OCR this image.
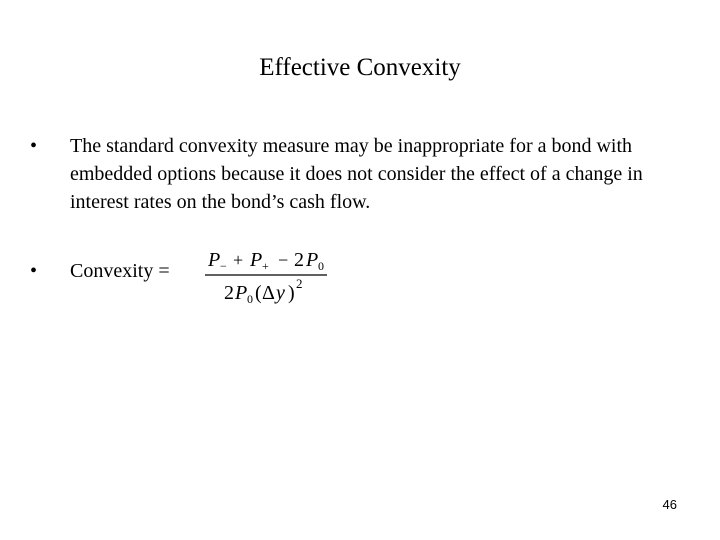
Effective Convexity
• The standard convexity measure may be inappropriate for a bond with embedded options because it does not consider the effect of a change in interest rates on the bond’s cash flow.
• Convexity =	P − + P + − 2 P 0
2 P 0 ( Δ y ) 2
46
